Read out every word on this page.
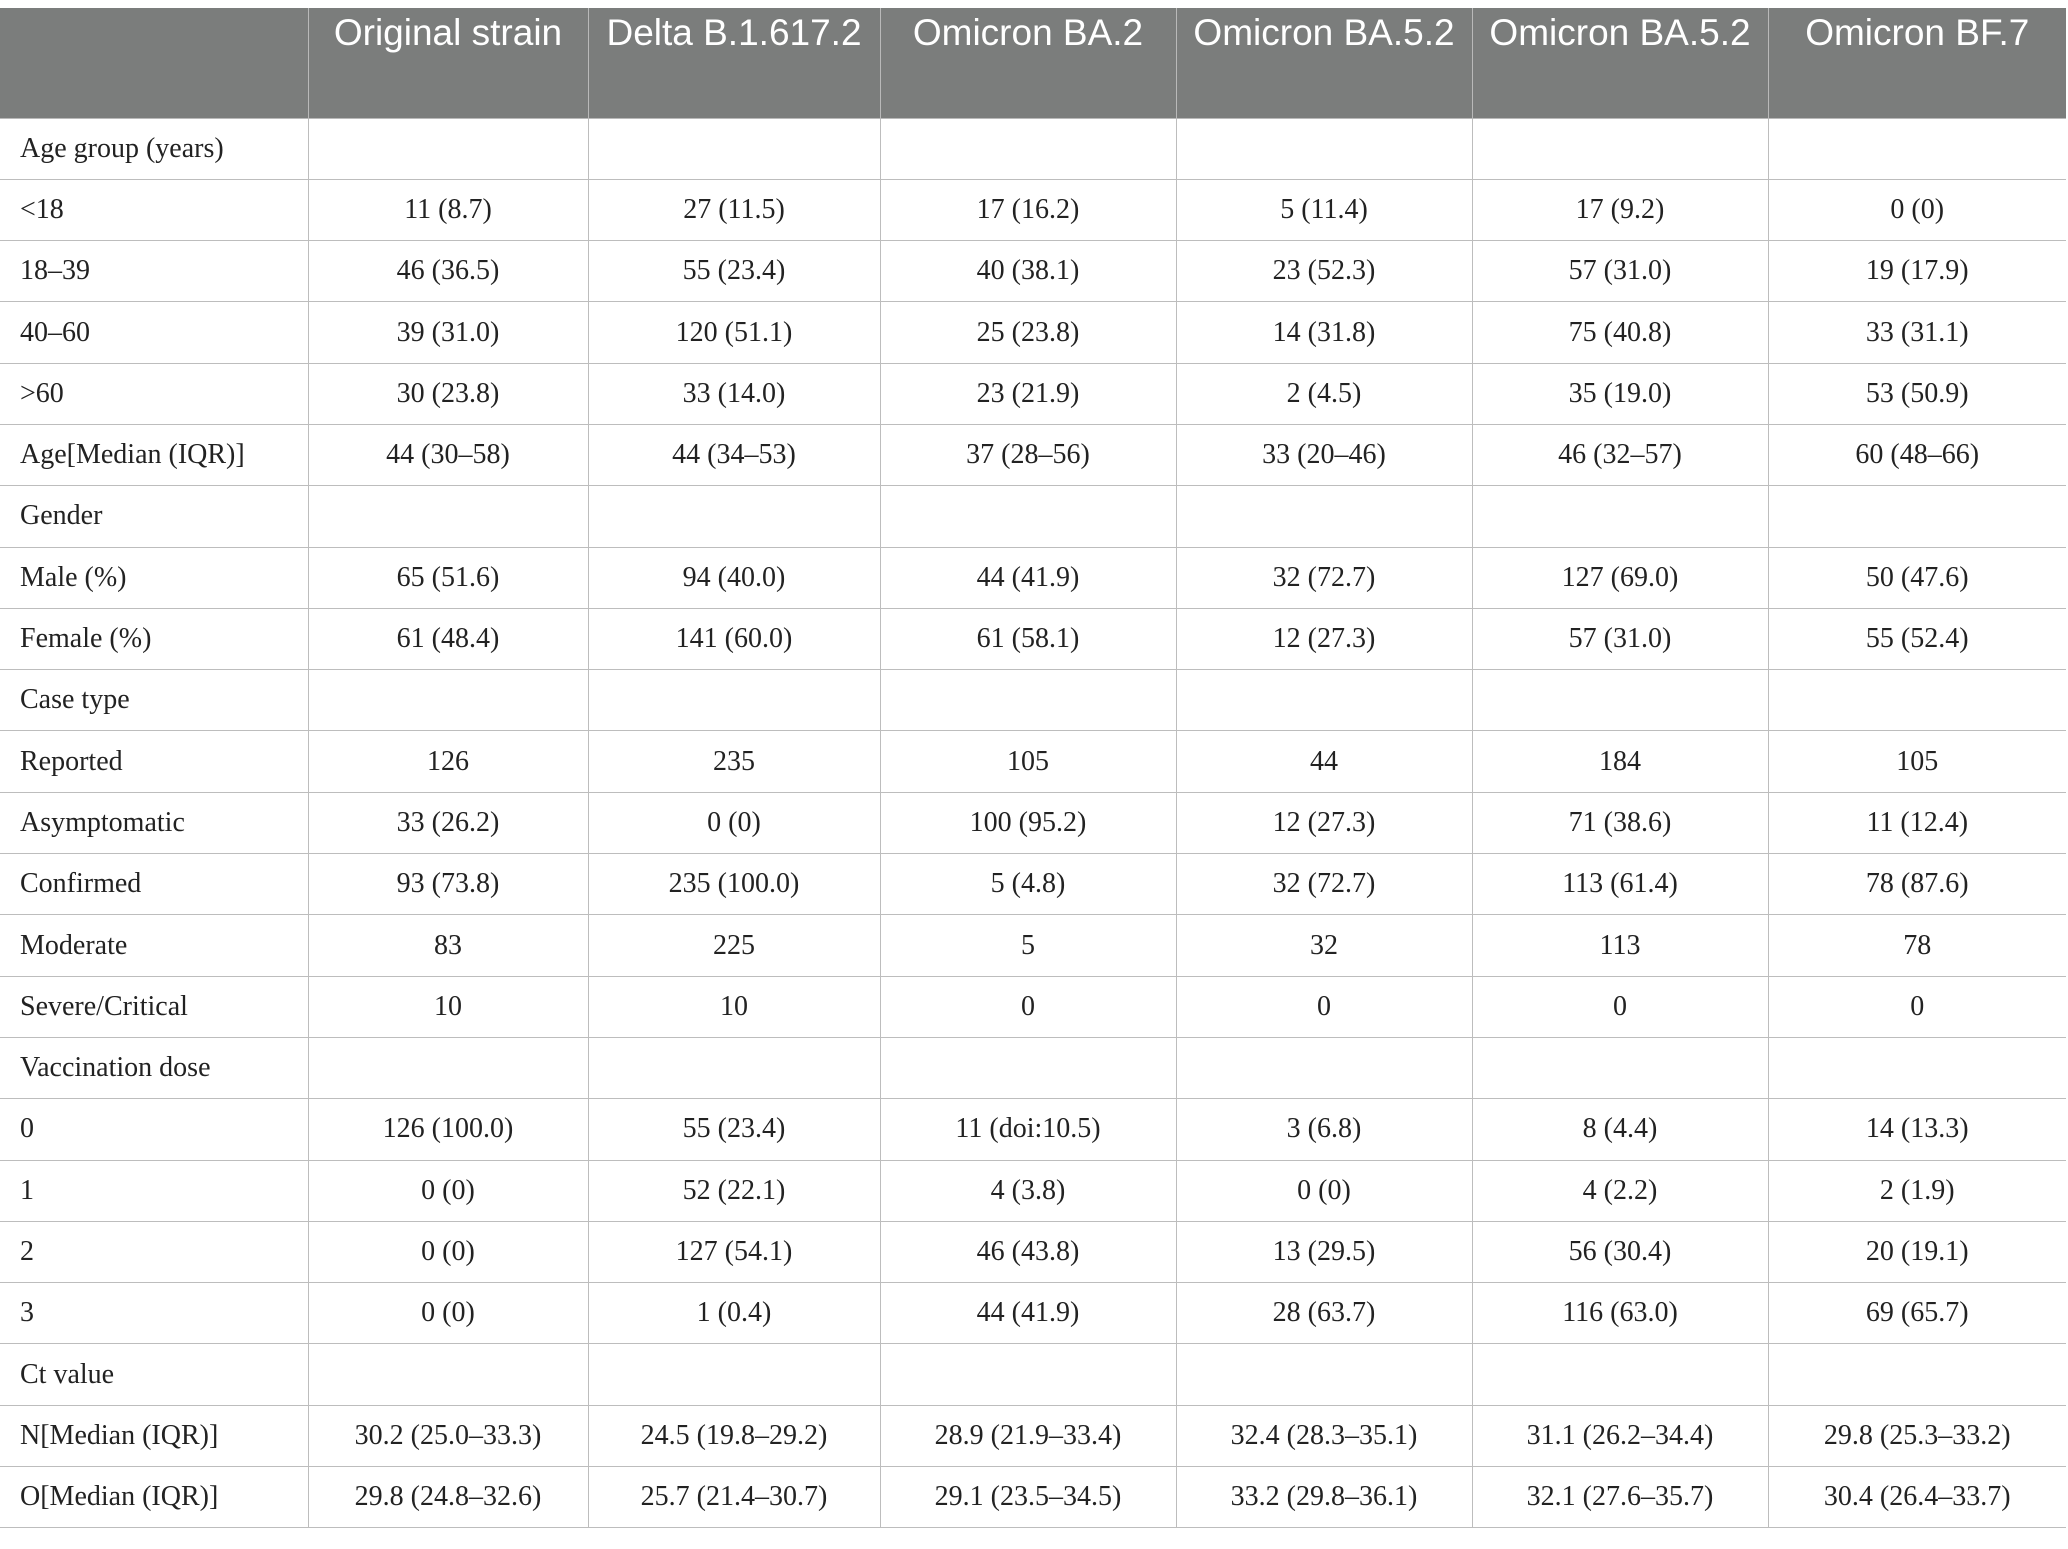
	Original strain	Delta B.1.617.2	Omicron BA.2	Omicron BA.5.2	Omicron BA.5.2	Omicron BF.7
Age group (years)						
<18	11 (8.7)	27 (11.5)	17 (16.2)	5 (11.4)	17 (9.2)	0 (0)
18–39	46 (36.5)	55 (23.4)	40 (38.1)	23 (52.3)	57 (31.0)	19 (17.9)
40–60	39 (31.0)	120 (51.1)	25 (23.8)	14 (31.8)	75 (40.8)	33 (31.1)
>60	30 (23.8)	33 (14.0)	23 (21.9)	2 (4.5)	35 (19.0)	53 (50.9)
Age[Median (IQR)]	44 (30–58)	44 (34–53)	37 (28–56)	33 (20–46)	46 (32–57)	60 (48–66)
Gender						
Male (%)	65 (51.6)	94 (40.0)	44 (41.9)	32 (72.7)	127 (69.0)	50 (47.6)
Female (%)	61 (48.4)	141 (60.0)	61 (58.1)	12 (27.3)	57 (31.0)	55 (52.4)
Case type						
Reported	126	235	105	44	184	105
Asymptomatic	33 (26.2)	0 (0)	100 (95.2)	12 (27.3)	71 (38.6)	11 (12.4)
Confirmed	93 (73.8)	235 (100.0)	5 (4.8)	32 (72.7)	113 (61.4)	78 (87.6)
Moderate	83	225	5	32	113	78
Severe/Critical	10	10	0	0	0	0
Vaccination dose						
0	126 (100.0)	55 (23.4)	11 (doi:10.5)	3 (6.8)	8 (4.4)	14 (13.3)
1	0 (0)	52 (22.1)	4 (3.8)	0 (0)	4 (2.2)	2 (1.9)
2	0 (0)	127 (54.1)	46 (43.8)	13 (29.5)	56 (30.4)	20 (19.1)
3	0 (0)	1 (0.4)	44 (41.9)	28 (63.7)	116 (63.0)	69 (65.7)
Ct value						
N[Median (IQR)]	30.2 (25.0–33.3)	24.5 (19.8–29.2)	28.9 (21.9–33.4)	32.4 (28.3–35.1)	31.1 (26.2–34.4)	29.8 (25.3–33.2)
O[Median (IQR)]	29.8 (24.8–32.6)	25.7 (21.4–30.7)	29.1 (23.5–34.5)	33.2 (29.8–36.1)	32.1 (27.6–35.7)	30.4 (26.4–33.7)
